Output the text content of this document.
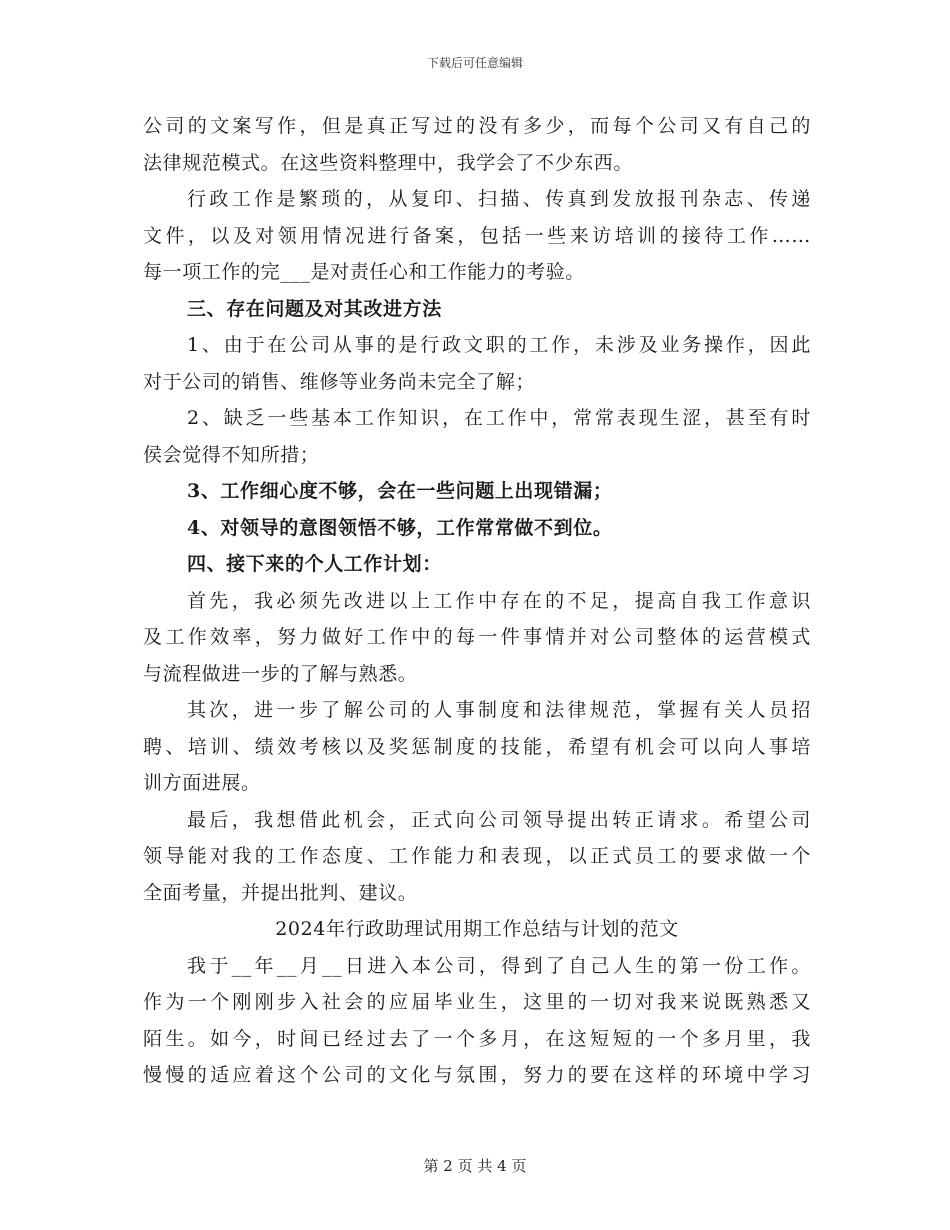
下载后可任意编辑
公司的文案写作，但是真正写过的没有多少，而每个公司又有自己的
法律规范模式。在这些资料整理中，我学会了不少东西。
行政工作是繁琐的，从复印、扫描、传真到发放报刊杂志、传递
文件，以及对领用情况进行备案，包括一些来访培训的接待工作……
每一项工作的完___是对责任心和工作能力的考验。
三、存在问题及对其改进方法
1、由于在公司从事的是行政文职的工作，未涉及业务操作，因此
对于公司的销售、维修等业务尚未完全了解；
2、缺乏一些基本工作知识，在工作中，常常表现生涩，甚至有时
侯会觉得不知所措；
3、工作细心度不够，会在一些问题上出现错漏；
4、对领导的意图领悟不够，工作常常做不到位。
四、接下来的个人工作计划：
首先，我必须先改进以上工作中存在的不足，提高自我工作意识
及工作效率，努力做好工作中的每一件事情并对公司整体的运营模式
与流程做进一步的了解与熟悉。
其次，进一步了解公司的人事制度和法律规范，掌握有关人员招
聘、培训、绩效考核以及奖惩制度的技能，希望有机会可以向人事培
训方面进展。
最后，我想借此机会，正式向公司领导提出转正请求。希望公司
领导能对我的工作态度、工作能力和表现，以正式员工的要求做一个
全面考量，并提出批判、建议。
2024年行政助理试用期工作总结与计划的范文
我于__年__月__日进入本公司，得到了自己人生的第一份工作。
作为一个刚刚步入社会的应届毕业生，这里的一切对我来说既熟悉又
陌生。如今，时间已经过去了一个多月，在这短短的一个多月里，我
慢慢的适应着这个公司的文化与氛围，努力的要在这样的环境中学习
第 2 页 共 4 页
